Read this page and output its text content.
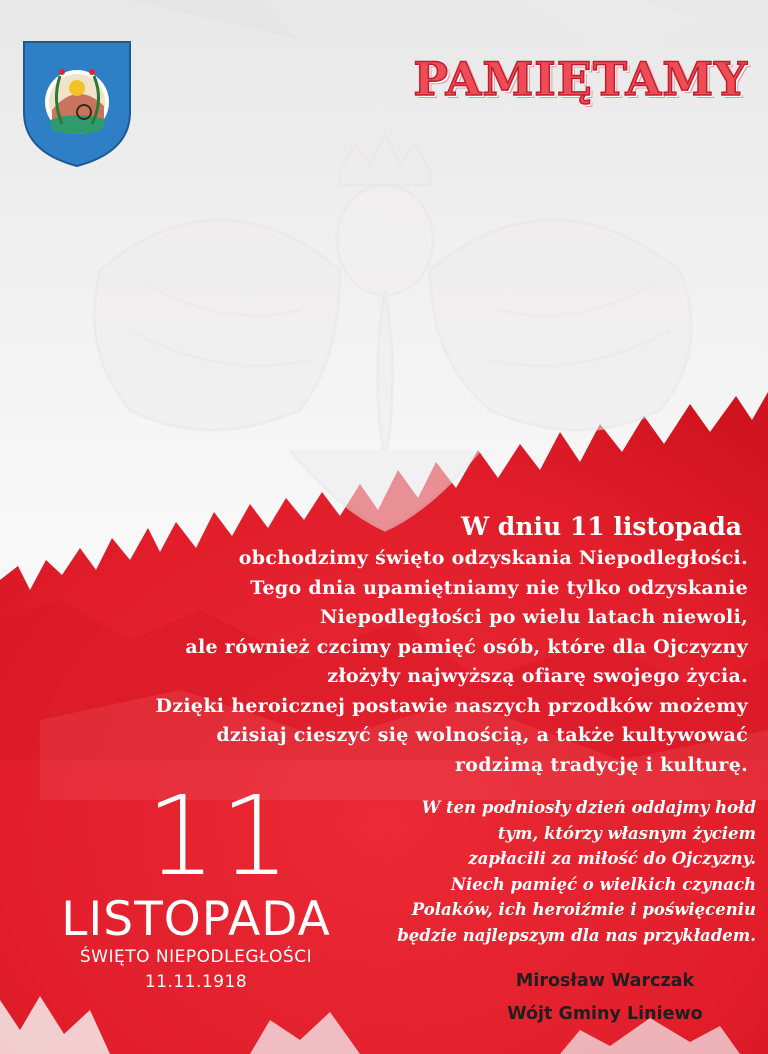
PAMIĘTAMY
W dniu 11 listopada
obchodzimy święto odzyskania Niepodległości.
Tego dnia upamiętniamy nie tylko odzyskanie
Niepodległości po wielu latach niewoli,
ale również czcimy pamięć osób, które dla Ojczyzny
złożyły najwyższą ofiarę swojego życia.
Dzięki heroicznej postawie naszych przodków możemy
dzisiaj cieszyć się wolnością, a także kultywować
rodzimą tradycję i kulturę.
11
LISTOPADA
ŚWIĘTO NIEPODLEGŁOŚCI
11.11.1918
W ten podniosły dzień oddajmy hołd
tym, którzy własnym życiem
zapłacili za miłość do Ojczyzny.
Niech pamięć o wielkich czynach
Polaków, ich heroiźmie i poświęceniu
będzie najlepszym dla nas przykładem.
Mirosław Warczak
Wójt Gminy Liniewo
